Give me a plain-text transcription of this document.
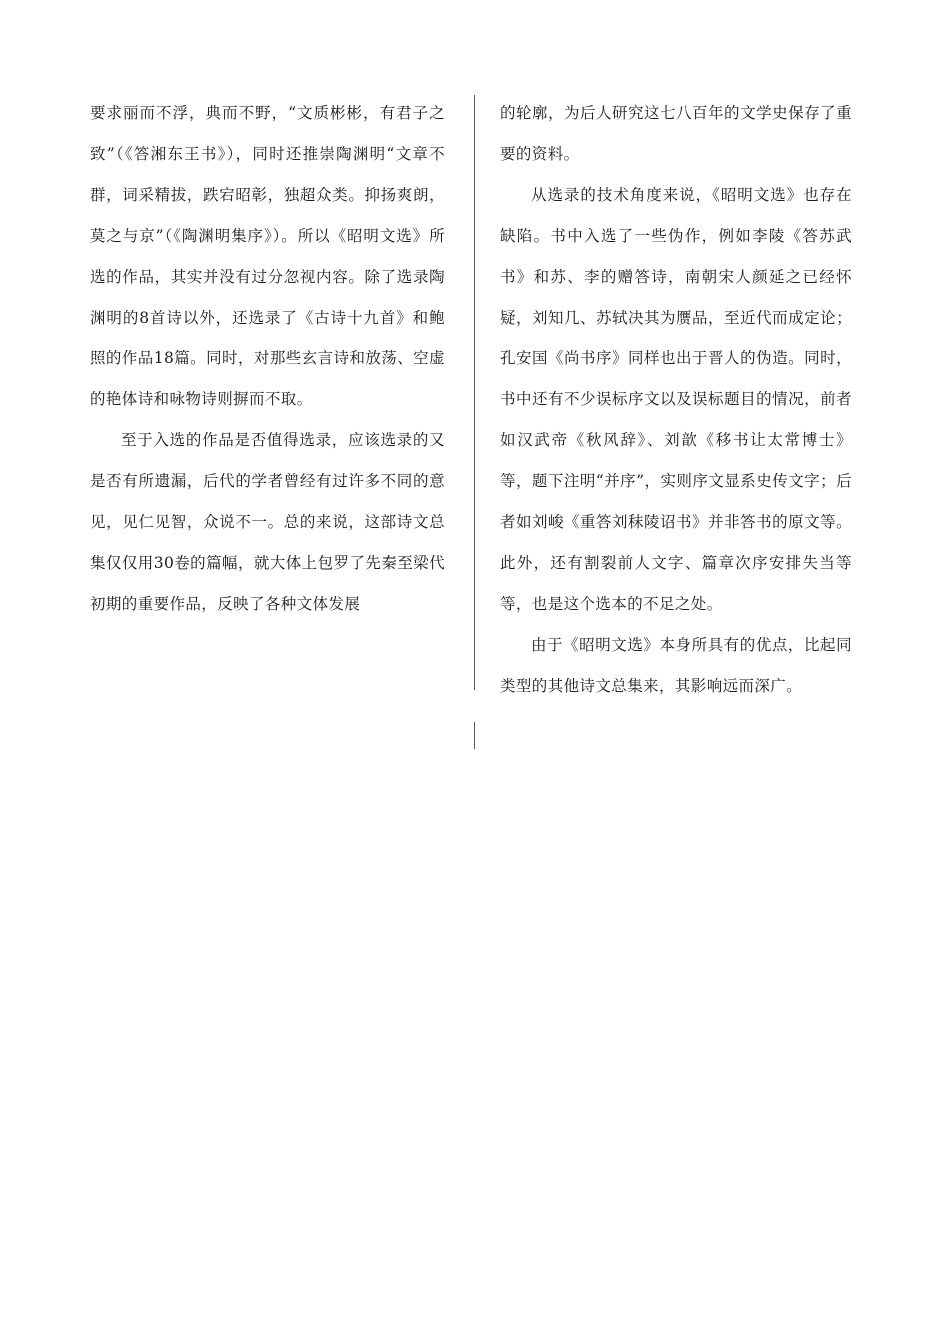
要求丽而不浮，典而不野，“文质彬彬，有君子之致”（《答湘东王书》），同时还推崇陶渊明“文章不群，词采精拔，跌宕昭彰，独超众类。抑扬爽朗，莫之与京”（《陶渊明集序》）。所以《昭明文选》所选的作品，其实并没有过分忽视内容。除了选录陶渊明的8首诗以外，还选录了《古诗十九首》和鲍照的作品18篇。同时，对那些玄言诗和放荡、空虚的艳体诗和咏物诗则摒而不取。

至于入选的作品是否值得选录，应该选录的又是否有所遗漏，后代的学者曾经有过许多不同的意见，见仁见智，众说不一。总的来说，这部诗文总集仅仅用30卷的篇幅，就大体上包罗了先秦至梁代初期的重要作品，反映了各种文体发展

的轮廓，为后人研究这七八百年的文学史保存了重要的资料。

从选录的技术角度来说，《昭明文选》也存在缺陷。书中入选了一些伪作，例如李陵《答苏武书》和苏、李的赠答诗，南朝宋人颜延之已经怀疑，刘知几、苏轼决其为赝品，至近代而成定论；孔安国《尚书序》同样也出于晋人的伪造。同时，书中还有不少误标序文以及误标题目的情况，前者如汉武帝《秋风辞》、刘歆《移书让太常博士》等，题下注明“并序”，实则序文显系史传文字；后者如刘峻《重答刘秣陵诏书》并非答书的原文等。此外，还有割裂前人文字、篇章次序安排失当等等，也是这个选本的不足之处。

由于《昭明文选》本身所具有的优点，比起同类型的其他诗文总集来，其影响远而深广。
